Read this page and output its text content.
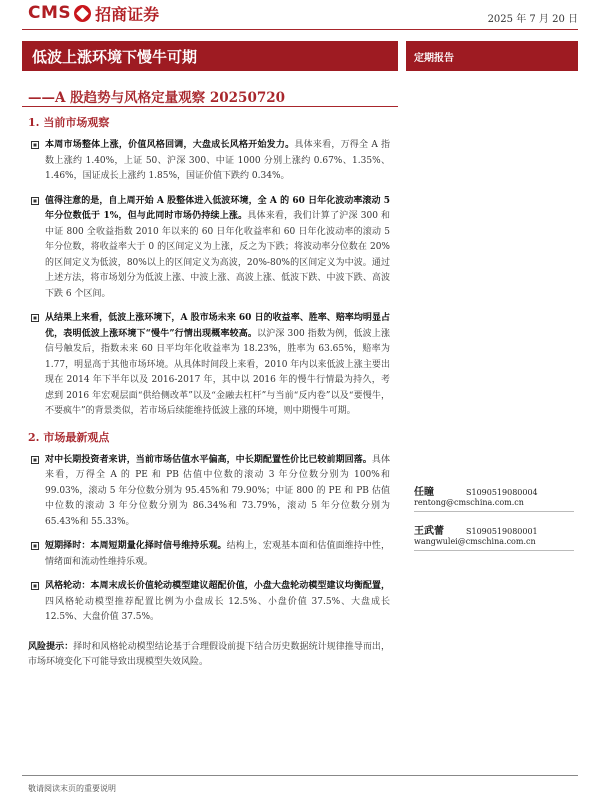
CMS 招商证券	2025 年 7 月 20 日
低波上涨环境下慢牛可期	定期报告
——A 股趋势与风格定量观察 20250720
1. 当前市场观察
本周市场整体上涨，价值风格回调，大盘成长风格开始发力。具体来看，万得全 A 指数上涨约 1.40%，上证 50、沪深 300、中证 1000 分别上涨约 0.67%、1.35%、1.46%，国证成长上涨约 1.85%，国证价值下跌约 0.34%。
值得注意的是，自上周开始 A 股整体进入低波环境，全 A 的 60 日年化波动率滚动 5 年分位数低于 1%，但与此同时市场仍持续上涨。具体来看，我们计算了沪深 300 和中证 800 全收益指数 2010 年以来的 60 日年化收益率和 60 日年化波动率的滚动 5 年分位数，将收益率大于 0 的区间定义为上涨，反之为下跌；将波动率分位数在 20%的区间定义为低波，80%以上的区间定义为高波，20%-80%的区间定义为中波。通过上述方法，将市场划分为低波上涨、中波上涨、高波上涨、低波下跌、中波下跌、高波下跌 6 个区间。
从结果上来看，低波上涨环境下，A 股市场未来 60 日的收益率、胜率、赔率均明显占优，表明低波上涨环境下“慢牛”行情出现概率较高。以沪深 300 指数为例，低波上涨信号触发后，指数未来 60 日平均年化收益率为 18.23%，胜率为 63.65%，赔率为 1.77，明显高于其他市场环境。从具体时间段上来看，2010 年内以来低波上涨主要出现在 2014 年下半年以及 2016-2017 年，其中以 2016 年的慢牛行情最为持久，考虑到 2016 年宏观层面“供给侧改革”以及“金融去杠杆”与当前“反内卷”以及“要慢牛，不要疯牛”的背景类似，若市场后续能维持低波上涨的环境，则中期慢牛可期。
2. 市场最新观点
对中长期投资者来讲，当前市场估值水平偏高，中长期配置性价比已较前期回落。具体来看，万得全 A 的 PE 和 PB 估值中位数的滚动 3 年分位数分别为 100%和 99.03%，滚动 5 年分位数分别为 95.45%和 79.90%；中证 800 的 PE 和 PB 估值中位数的滚动 3 年分位数分别为 86.34%和 73.79%，滚动 5 年分位数分别为 65.43%和 55.33%。
短期择时：本周短期量化择时信号维持乐观。结构上，宏观基本面和估值面维持中性，情绪面和流动性维持乐观。
风格轮动：本周末成长价值轮动模型建议超配价值，小盘大盘轮动模型建议均衡配置，四风格轮动模型推荐配置比例为小盘成长 12.5%、小盘价值 37.5%、大盘成长 12.5%、大盘价值 37.5%。
风险提示：择时和风格轮动模型结论基于合理假设前提下结合历史数据统计规律推导而出，市场环境变化下可能导致出现模型失效风险。
任瞳	S1090519080004
rentong@cmschina.com.cn
王武蕾	S1090519080001
wangwulei@cmschina.com.cn
敬请阅读末页的重要说明
